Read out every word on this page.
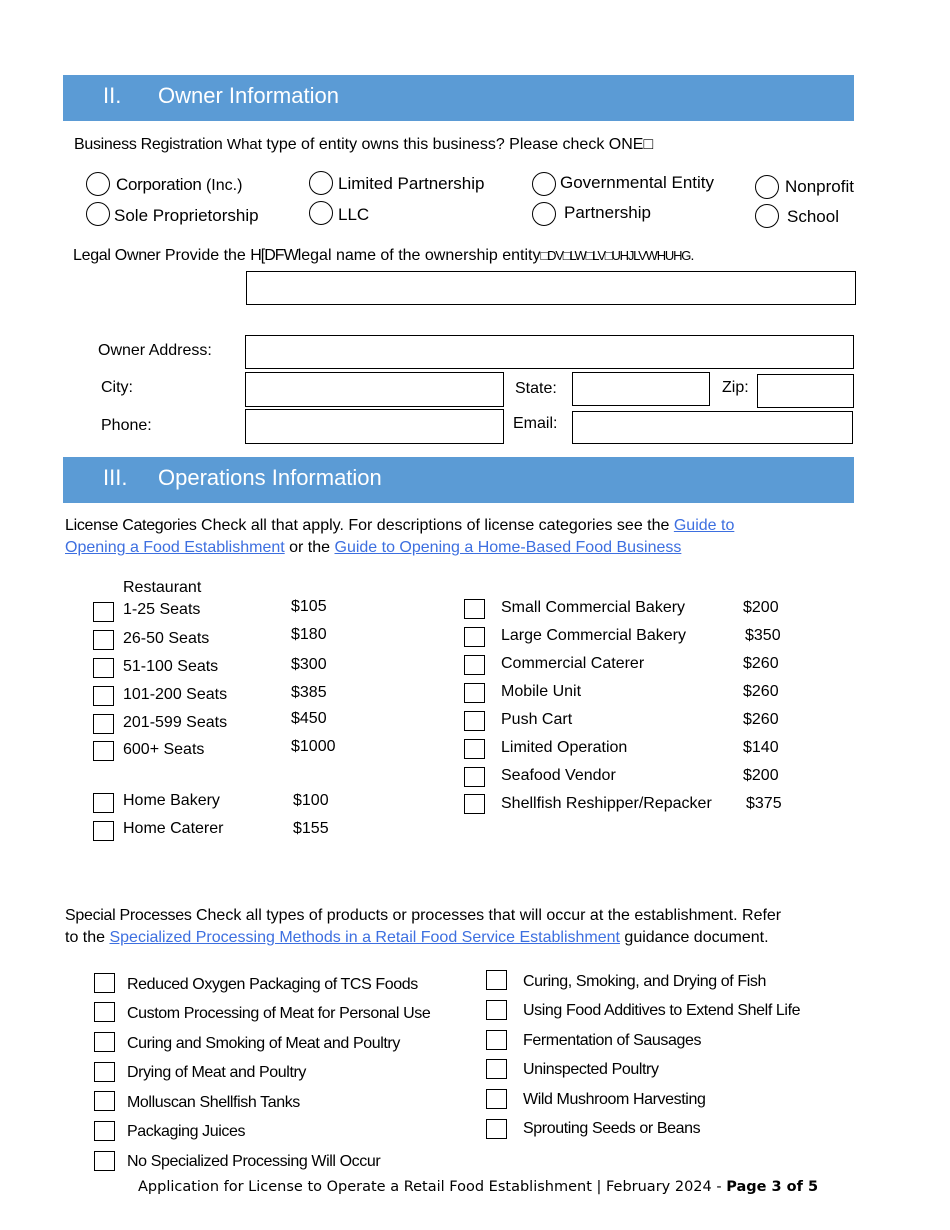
II. Owner Information
Business Registration What type of entity owns this business? Please check ONE□
Corporation (Inc.)
Sole Proprietorship
Limited Partnership
LLC
Governmental Entity
Partnership
Nonprofit
School
Legal Owner Provide the H[DFWlegal name of the ownership entity□DV□LW□LV□UHJLVWHUHG․
Owner Address:
City:	State:	Zip:
Phone:	Email:
III. Operations Information
License Categories Check all that apply. For descriptions of license categories see the Guide to
Opening a Food Establishment or the Guide to Opening a Home-Based Food Business
Restaurant
1-25 Seats	$105
26-50 Seats	$180
51-100 Seats	$300
101-200 Seats	$385
201-599 Seats	$450
600+ Seats	$1000
Home Bakery	$100
Home Caterer	$155
Small Commercial Bakery	$200
Large Commercial Bakery	$350
Commercial Caterer	$260
Mobile Unit	$260
Push Cart	$260
Limited Operation	$140
Seafood Vendor	$200
Shellfish Reshipper/Repacker $375
Special Processes Check all types of products or processes that will occur at the establishment. Refer
to the Specialized Processing Methods in a Retail Food Service Establishment guidance document.
Reduced Oxygen Packaging of TCS Foods
Custom Processing of Meat for Personal Use
Curing and Smoking of Meat and Poultry
Drying of Meat and Poultry
Molluscan Shellfish Tanks
Packaging Juices
No Specialized Processing Will Occur
Curing, Smoking, and Drying of Fish
Using Food Additives to Extend Shelf Life
Fermentation of Sausages
Uninspected Poultry
Wild Mushroom Harvesting
Sprouting Seeds or Beans
Application for License to Operate a Retail Food Establishment | February 2024 - Page 3 of 5
